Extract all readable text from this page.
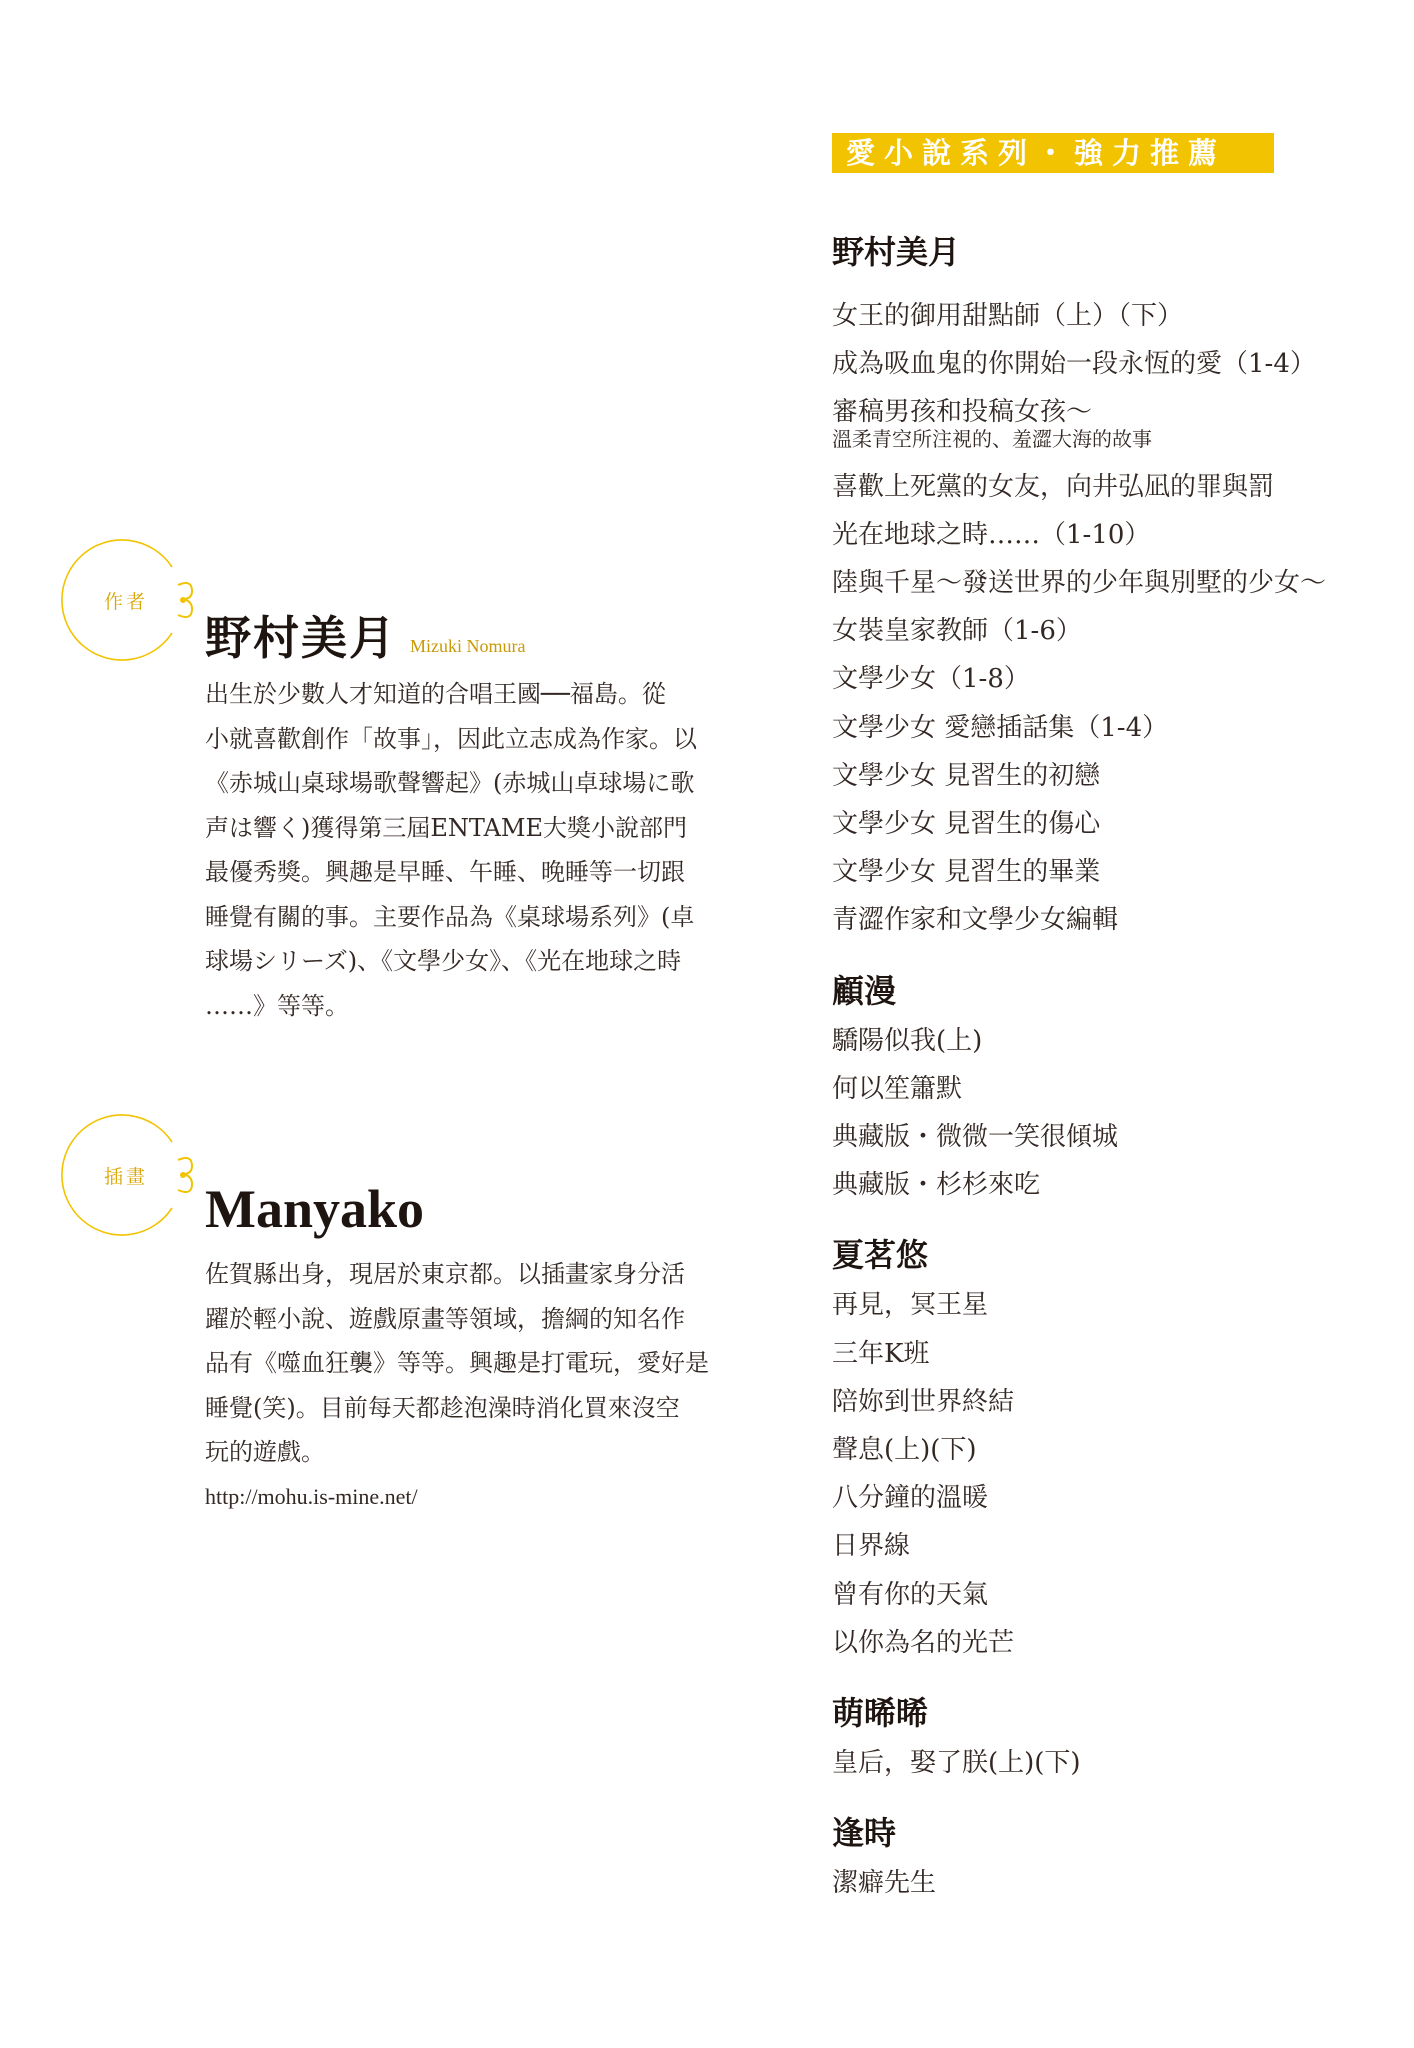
作者
野村美月 Mizuki Nomura
出生於少數人才知道的合唱王國──福島。從
小就喜歡創作「故事」，因此立志成為作家。以
《赤城山桌球場歌聲響起》(赤城山卓球場に歌
声は響く)獲得第三屆ENTAME大獎小說部門
最優秀獎。興趣是早睡、午睡、晚睡等一切跟
睡覺有關的事。主要作品為《桌球場系列》(卓
球場シリーズ)、《文學少女》、《光在地球之時
……》等等。
插畫
Manyako
佐賀縣出身，現居於東京都。以插畫家身分活
躍於輕小說、遊戲原畫等領域，擔綱的知名作
品有《噬血狂襲》等等。興趣是打電玩，愛好是
睡覺(笑)。目前每天都趁泡澡時消化買來沒空
玩的遊戲。
http://mohu.is-mine.net/
愛小說系列・強力推薦
野村美月
女王的御用甜點師（上）（下）
成為吸血鬼的你開始一段永恆的愛（1-4）
審稿男孩和投稿女孩～
溫柔青空所注視的、羞澀大海的故事
喜歡上死黨的女友，向井弘凪的罪與罰
光在地球之時……（1-10）
陸與千星～發送世界的少年與別墅的少女～
女裝皇家教師（1-6）
文學少女（1-8）
文學少女 愛戀插話集（1-4）
文學少女 見習生的初戀
文學少女 見習生的傷心
文學少女 見習生的畢業
青澀作家和文學少女編輯
顧漫
驕陽似我(上)
何以笙簫默
典藏版・微微一笑很傾城
典藏版・杉杉來吃
夏茗悠
再見，冥王星
三年K班
陪妳到世界終結
聲息(上)(下)
八分鐘的溫暖
日界線
曾有你的天氣
以你為名的光芒
萌晞晞
皇后，娶了朕(上)(下)
逢時
潔癖先生
